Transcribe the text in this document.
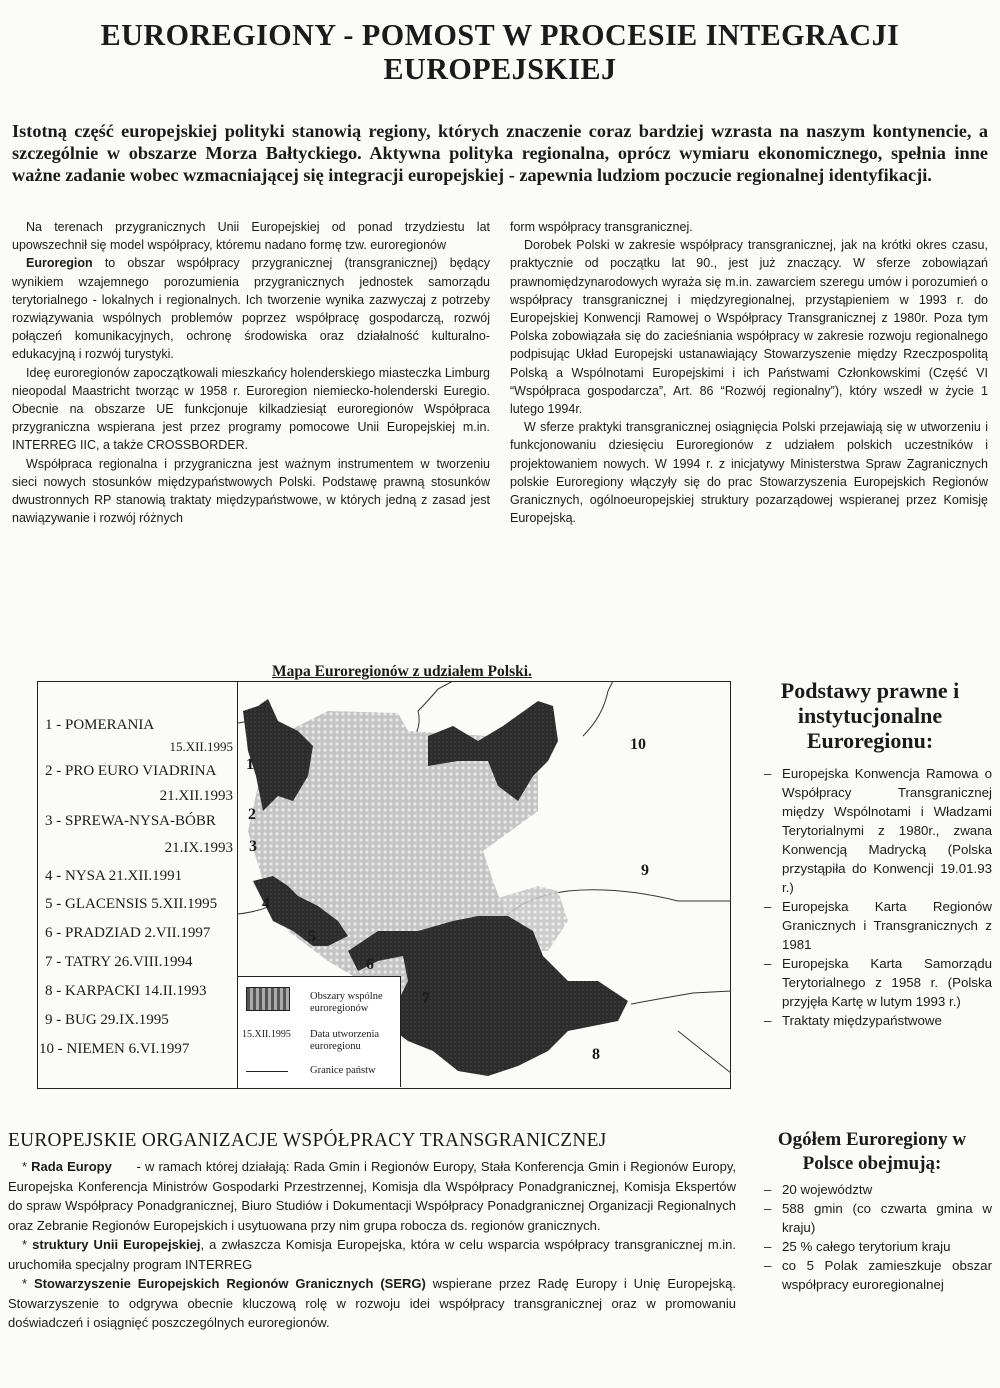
EUROREGIONY - POMOST W PROCESIE INTEGRACJI EUROPEJSKIEJ
Istotną część europejskiej polityki stanowią regiony, których znaczenie coraz bardziej wzrasta na naszym kontynencie, a szczególnie w obszarze Morza Bałtyckiego. Aktywna polityka regionalna, oprócz wymiaru ekonomicznego, spełnia inne ważne zadanie wobec wzmacniającej się integracji europejskiej - zapewnia ludziom poczucie regionalnej identyfikacji.

Na terenach przygranicznych Unii Europejskiej od ponad trzydziestu lat upowszechnił się model współpracy, któremu nadano formę tzw. euroregionów

Euroregion to obszar współpracy przygranicznej (transgranicznej) będący wynikiem wzajemnego porozumienia przygranicznych jednostek samorządu terytorialnego - lokalnych i regionalnych. Ich tworzenie wynika zazwyczaj z potrzeby rozwiązywania wspólnych problemów poprzez współpracę gospodarczą, rozwój połączeń komunikacyjnych, ochronę środowiska oraz działalność kulturalno-edukacyjną i rozwój turystyki.

Ideę euroregionów zapoczątkowali mieszkańcy holenderskiego miasteczka Limburg nieopodal Maastricht tworząc w 1958 r. Euroregion niemiecko-holenderski Euregio. Obecnie na obszarze UE funkcjonuje kilkadziesiąt euroregionów Współpraca przygraniczna wspierana jest przez programy pomocowe Unii Europejskiej m.in. INTERREG IIC, a także CROSSBORDER.

Współpraca regionalna i przygraniczna jest ważnym instrumentem w tworzeniu sieci nowych stosunków międzypaństwowych Polski. Podstawę prawną stosunków dwustronnych RP stanowią traktaty międzypaństwowe, w których jedną z zasad jest nawiązywanie i rozwój różnych

form współpracy transgranicznej.

Dorobek Polski w zakresie współpracy transgranicznej, jak na krótki okres czasu, praktycznie od początku lat 90., jest już znaczący. W sferze zobowiązań prawnomiędzynarodowych wyraża się m.in. zawarciem szeregu umów i porozumień o współpracy transgranicznej i międzyregionalnej, przystąpieniem w 1993 r. do Europejskiej Konwencji Ramowej o Współpracy Transgranicznej z 1980r. Poza tym Polska zobowiązała się do zacieśniania współpracy w zakresie rozwoju regionalnego podpisując Układ Europejski ustanawiający Stowarzyszenie między Rzeczpospolitą Polską a Wspólnotami Europejskimi i ich Państwami Członkowskimi (Część VI “Współpraca gospodarcza”, Art. 86 “Rozwój regionalny”), który wszedł w życie 1 lutego 1994r.

W sferze praktyki transgranicznej osiągnięcia Polski przejawiają się w utworzeniu i funkcjonowaniu dziesięciu Euroregionów z udziałem polskich uczestników i projektowaniem nowych. W 1994 r. z inicjatywy Ministerstwa Spraw Zagranicznych polskie Euroregiony włączyły się do prac Stowarzyszenia Europejskich Regionów Granicznych, ogólnoeuropejskiej struktury pozarządowej wspieranej przez Komisję Europejską.

Mapa Euroregionów z udziałem Polski.
1 - POMERANIA
15.XII.1995
2 - PRO EURO VIADRINA
21.XII.1993
3 - SPREWA-NYSA-BÓBR
21.IX.1993
4 - NYSA 21.XII.1991
5 - GLACENSIS 5.XII.1995
6 - PRADZIAD 2.VII.1997
7 - TATRY 26.VIII.1994
8 - KARPACKI 14.II.1993
9 - BUG 29.IX.1995
10 - NIEMEN 6.VI.1997
1
2
3
4
5
6
7
8
9
10
Obszary wspólne euroregionów
15.XII.1995 Data utworzenia euroregionu
Granice państw
Podstawy prawne i instytucjonalne Euroregionu:
– Europejska Konwencja Ramowa o Współpracy Transgranicznej między Wspólnotami i Władzami Terytorialnymi z 1980r., zwana Konwencją Madrycką (Polska przystąpiła do Konwencji 19.01.93 r.)
– Europejska Karta Regionów Granicznych i Transgranicznych z 1981
– Europejska Karta Samorządu Terytorialnego z 1958 r. (Polska przyjęła Kartę w lutym 1993 r.)
– Traktaty międzypaństwowe
Ogółem Euroregiony w Polsce obejmują:
– 20 województw
– 588 gmin (co czwarta gmina w kraju)
– 25 % całego terytorium kraju
– co 5 Polak zamieszkuje obszar współpracy euroregionalnej
EUROPEJSKIE ORGANIZACJE WSPÓŁPRACY TRANSGRANICZNEJ

* Rada Europy      - w ramach której działają: Rada Gmin i Regionów Europy, Stała Konferencja Gmin i Regionów Europy, Europejska Konferencja Ministrów Gospodarki Przestrzennej, Komisja dla Współpracy Ponadgranicznej, Komisja Ekspertów do spraw Współpracy Ponadgranicznej, Biuro Studiów i Dokumentacji Współpracy Ponadgranicznej Organizacji Regionalnych oraz Zebranie Regionów Europejskich i usytuowana przy nim grupa robocza ds. regionów granicznych.

* struktury Unii Europejskiej, a zwłaszcza Komisja Europejska, która w celu wsparcia współpracy transgranicznej m.in. uruchomiła specjalny program INTERREG

* Stowarzyszenie Europejskich Regionów Granicznych (SERG) wspierane przez Radę Europy i Unię Europejską. Stowarzyszenie to odgrywa obecnie kluczową rolę w rozwoju idei współpracy transgranicznej oraz w promowaniu doświadczeń i osiągnięć poszczególnych euroregionów.
